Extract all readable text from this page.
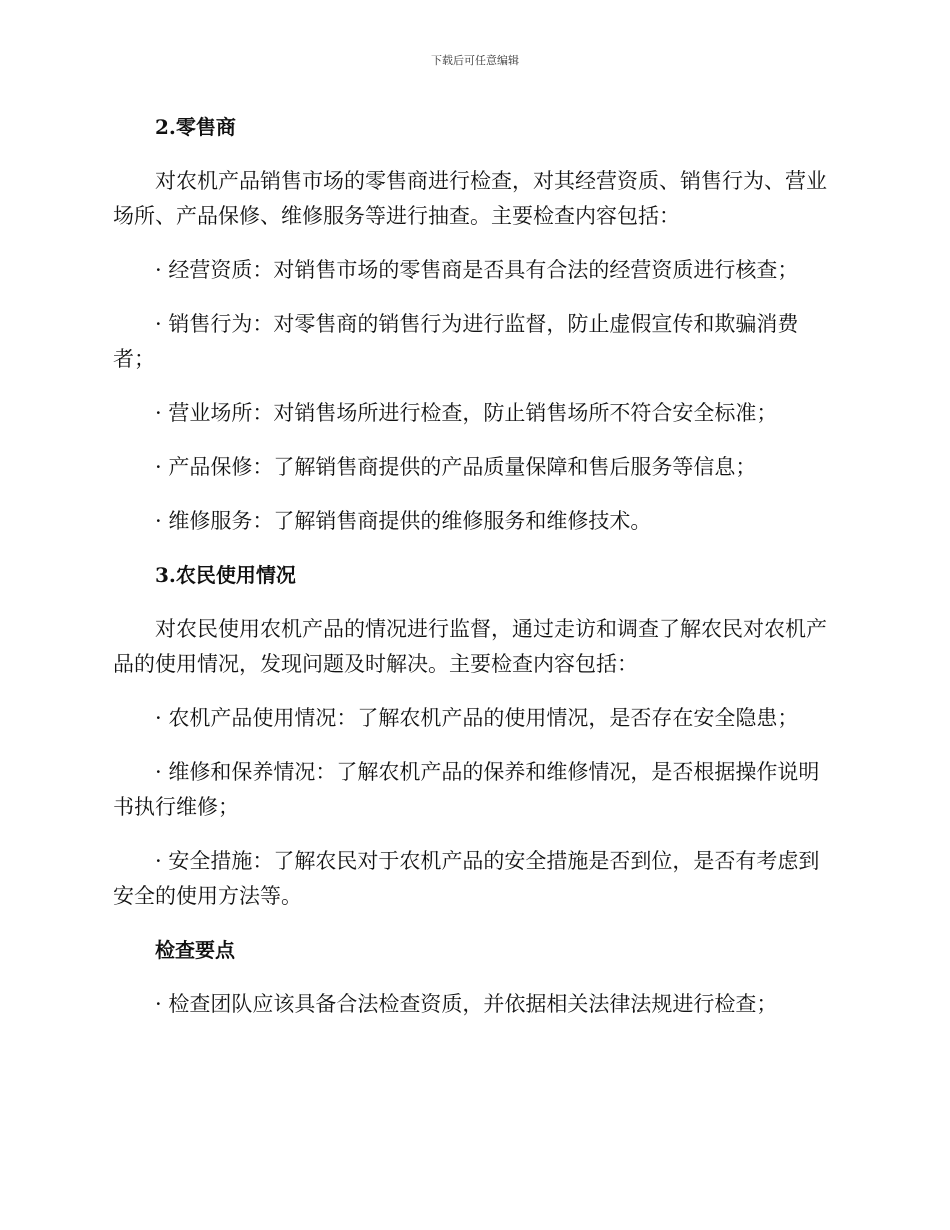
下载后可任意编辑

2.零售商

对农机产品销售市场的零售商进行检查，对其经营资质、销售行为、营业场所、产品保修、维修服务等进行抽查。主要检查内容包括：

· 经营资质：对销售市场的零售商是否具有合法的经营资质进行核查；

· 销售行为：对零售商的销售行为进行监督，防止虚假宣传和欺骗消费者；

· 营业场所：对销售场所进行检查，防止销售场所不符合安全标准；

· 产品保修：了解销售商提供的产品质量保障和售后服务等信息；

· 维修服务：了解销售商提供的维修服务和维修技术。

3.农民使用情况

对农民使用农机产品的情况进行监督，通过走访和调查了解农民对农机产品的使用情况，发现问题及时解决。主要检查内容包括：

· 农机产品使用情况：了解农机产品的使用情况，是否存在安全隐患；

· 维修和保养情况：了解农机产品的保养和维修情况，是否根据操作说明书执行维修；

· 安全措施：了解农民对于农机产品的安全措施是否到位，是否有考虑到安全的使用方法等。

检查要点

· 检查团队应该具备合法检查资质，并依据相关法律法规进行检查；
